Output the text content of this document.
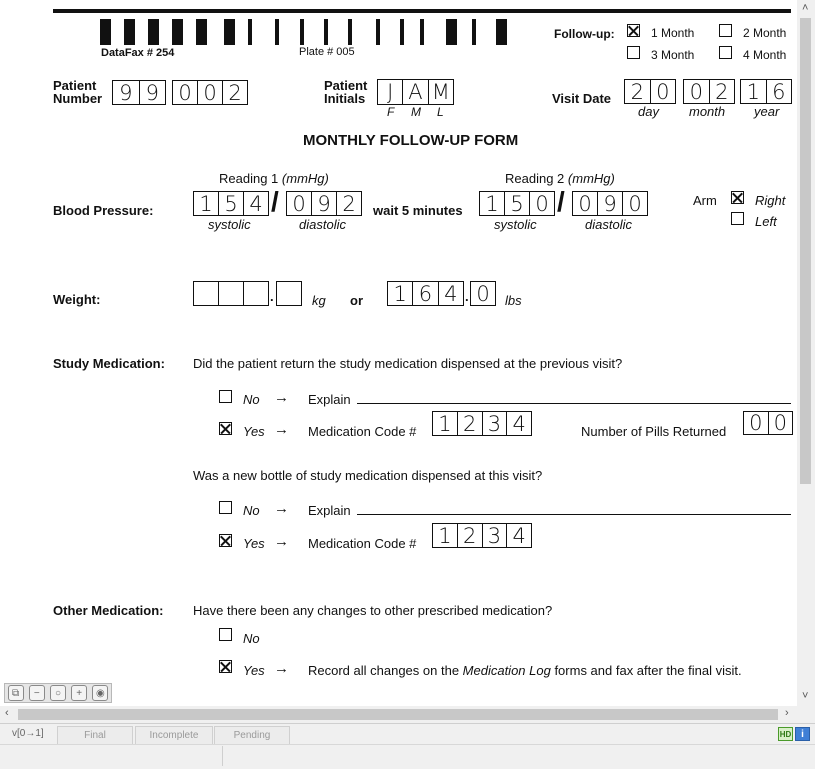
DataFax # 254	Plate # 005
Follow-up:	1 Month	2 Month
3 Month	4 Month
Patient
Number 9 9 0 0 2	Patient
Initials	J A M
F M L
Visit Date 2 0 0 2 1 6
day month year
MONTHLY FOLLOW-UP FORM
Reading 1 (mmHg)	Reading 2 (mmHg)
Blood Pressure: 1 5 4 / 0 9 2
systolic	diastolic
wait 5 minutes 1 5 0 / 0 9 0
systolic	diastolic
Arm	Right
Left
Weight:	.	kg or 1 6 4 . 0	lbs
Study Medication: Did the patient return the study medication dispensed at the previous visit?
No → Explain
Yes → Medication Code # 1 2 3 4	Number of Pills Returned 0 0
Was a new bottle of study medication dispensed at this visit?
No → Explain
Yes → Medication Code # 1 2 3 4
Other Medication: Have there been any changes to other prescribed medication?
No
Yes → Record all changes on the Medication Log forms and fax after the final visit.
⧉	−	○	+	◉
˄
˅
‹	›
v[0→1]	Final	Incomplete	Pending	HD i
